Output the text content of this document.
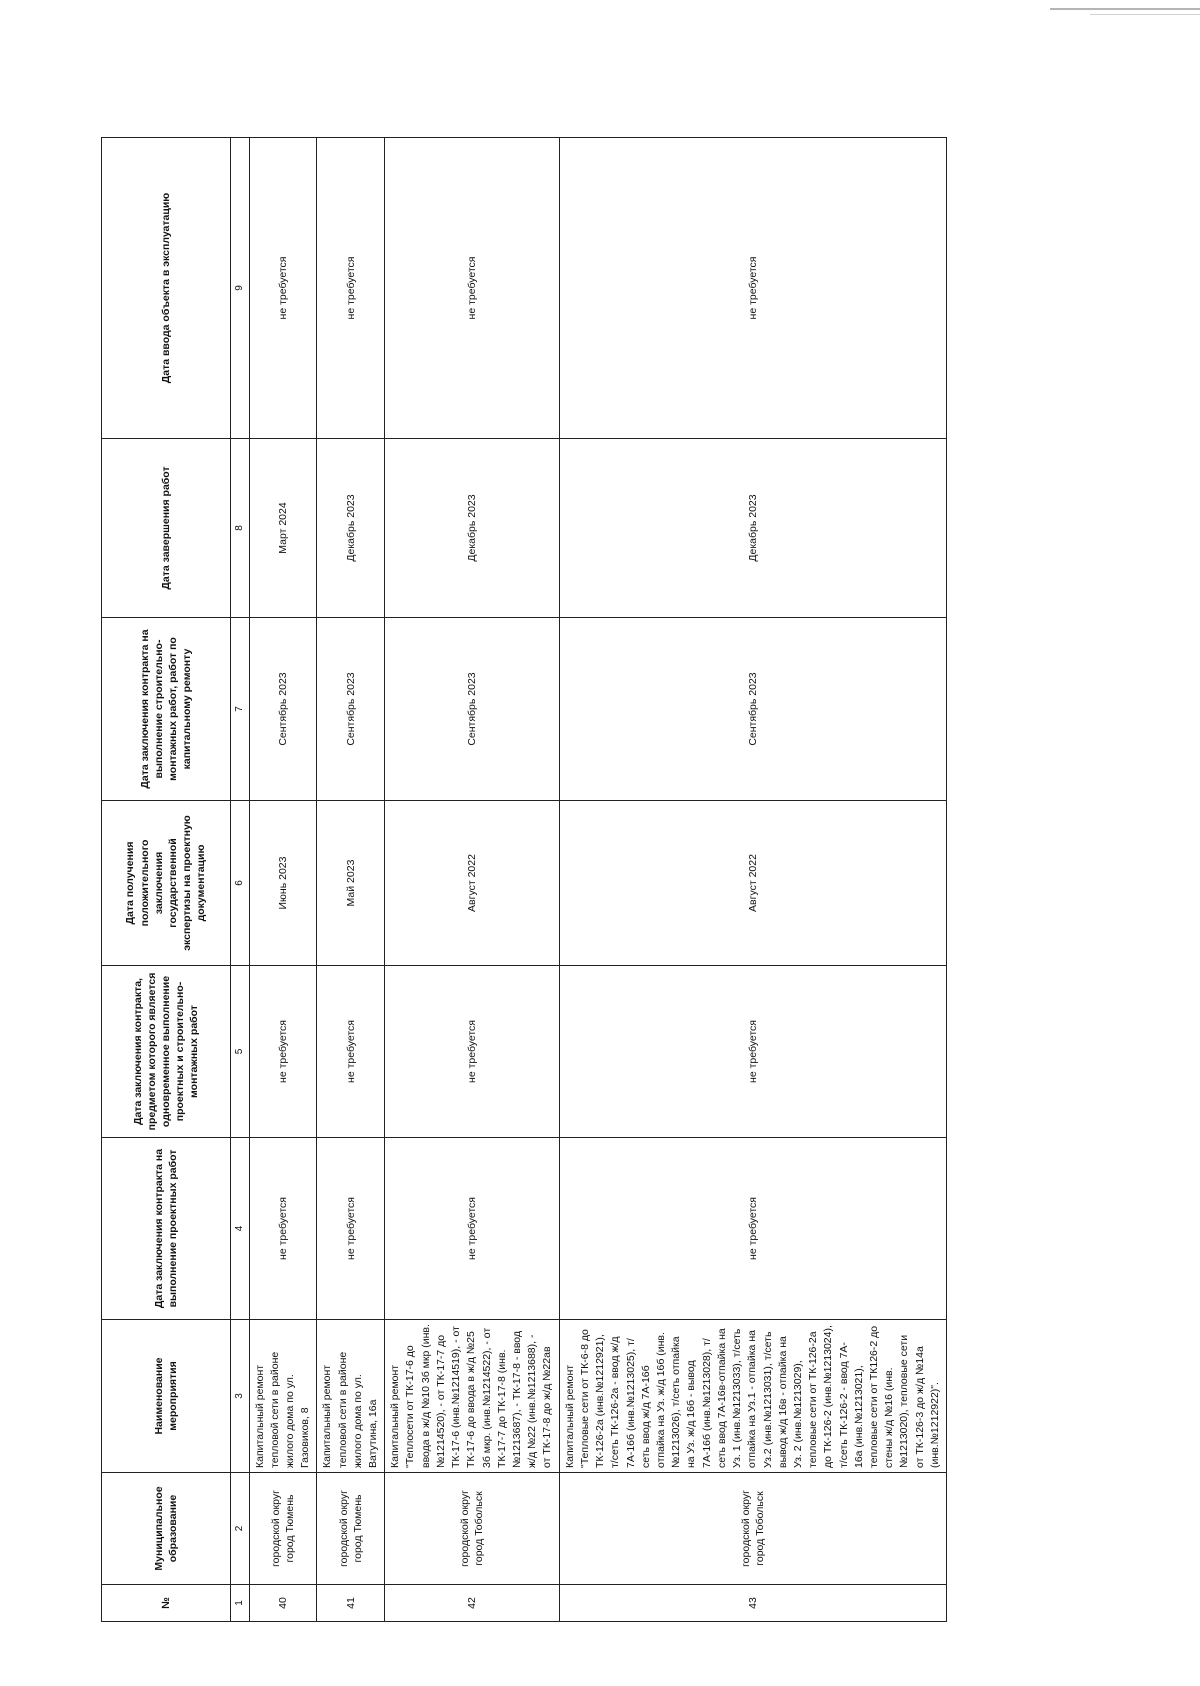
№	Муниципальное образование	Наименование мероприятия	Дата заключения контракта на выполнение проектных работ	Дата заключения контракта, предметом которого является одновременное выполнение проектных и строительно-монтажных работ	Дата получения положительного заключения государственной экспертизы на проектную документацию	Дата заключения контракта на выполнение строительно-монтажных работ, работ по капитальному ремонту	Дата завершения работ	Дата ввода объекта в эксплуатацию
1	2	3	4	5	6	7	8	9
40	городской округ город Тюмень	Капитальный ремонт тепловой сети в районе жилого дома по ул. Газовиков, 8	не требуется	не требуется	Июнь 2023	Сентябрь 2023	Март 2024	не требуется
41	городской округ город Тюмень	Капитальный ремонт тепловой сети в районе жилого дома по ул. Ватутина, 16а	не требуется	не требуется	Май 2023	Сентябрь 2023	Декабрь 2023	не требуется
42	городской округ город Тобольск	Капитальный ремонт "Теплосети от ТК-17-6 до ввода в ж/д №10 3б мкр (инв.№1214520), - от ТК-17-7 до ТК-17-6 (инв.№1214519), - от ТК-17-6 до ввода в ж/д №25 3б мкр. (инв.№1214522), - от ТК-17-7 до ТК-17-8 (инв.№1213687), - ТК-17-8 - ввод ж/д №22 (инв.№1213688), - от ТК-17-8 до ж/д №22ав	не требуется	не требуется	Август 2022	Сентябрь 2023	Декабрь 2023	не требуется
43	городской округ город Тобольск	Капитальный ремонт "Тепловые сети от ТК-6-8 до ТК-126-2а (инв.№1212921), т/сеть ТК-126-2а - ввод ж/д 7А-16б (инв.№1213025), т/сеть ввод ж/д 7А-16б отпайка на Уз. ж/д 16б (инв.№1213026), т/сеть отпайка на Уз. ж/д 16б - вывод 7А-16б (инв.№1213028), т/сеть ввод 7А-16в-отпайка на Уз. 1 (инв.№1213033), т/сеть отпайка на Уз.1 - отпайка на Уз.2 (инв.№1213031), т/сеть вывод ж/д 16в - отпайка на Уз. 2 (инв.№1213029), тепловые сети от ТК-126-2а до ТК-126-2 (инв.№1213024), т/сеть ТК-126-2 - ввод 7А- 16а (инв.№1213021), тепловые сети от ТК126-2 до стены ж/д №16 (инв.№1213020), тепловые сети от ТК-126-3 до ж/д №14а (инв.№1212922)".	не требуется	не требуется	Август 2022	Сентябрь 2023	Декабрь 2023	не требуется
